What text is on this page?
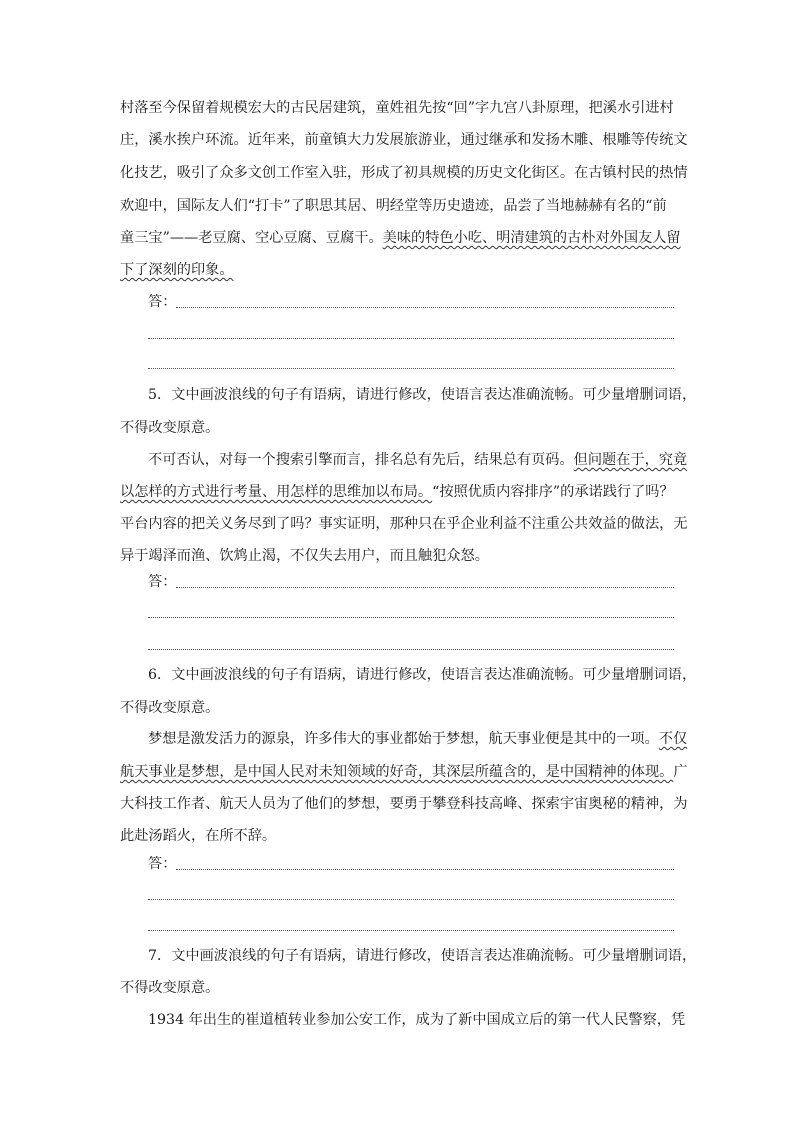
村落至今保留着规模宏大的古民居建筑，童姓祖先按“回”字九宫八卦原理，把溪水引进村
庄，溪水挨户环流。近年来，前童镇大力发展旅游业，通过继承和发扬木雕、根雕等传统文
化技艺，吸引了众多文创工作室入驻，形成了初具规模的历史文化街区。在古镇村民的热情
欢迎中，国际友人们“打卡”了职思其居、明经堂等历史遗迹，品尝了当地赫赫有名的“前
童三宝”——老豆腐、空心豆腐、豆腐干。美味的特色小吃、明清建筑的古朴对外国友人留
下了深刻的印象。
答：
5．文中画波浪线的句子有语病，请进行修改，使语言表达准确流畅。可少量增删词语，
不得改变原意。
不可否认，对每一个搜索引擎而言，排名总有先后，结果总有页码。但问题在于，究竟
以怎样的方式进行考量、用怎样的思维加以布局。“按照优质内容排序”的承诺践行了吗？
平台内容的把关义务尽到了吗？事实证明，那种只在乎企业利益不注重公共效益的做法，无
异于竭泽而渔、饮鸩止渴，不仅失去用户，而且触犯众怒。
答：
6．文中画波浪线的句子有语病，请进行修改，使语言表达准确流畅。可少量增删词语，
不得改变原意。
梦想是激发活力的源泉，许多伟大的事业都始于梦想，航天事业便是其中的一项。不仅
航天事业是梦想，是中国人民对未知领域的好奇，其深层所蕴含的，是中国精神的体现。广
大科技工作者、航天人员为了他们的梦想，要勇于攀登科技高峰、探索宇宙奥秘的精神，为
此赴汤蹈火，在所不辞。
答：
7．文中画波浪线的句子有语病，请进行修改，使语言表达准确流畅。可少量增删词语，
不得改变原意。
1934 年出生的崔道植转业参加公安工作，成为了新中国成立后的第一代人民警察，凭
